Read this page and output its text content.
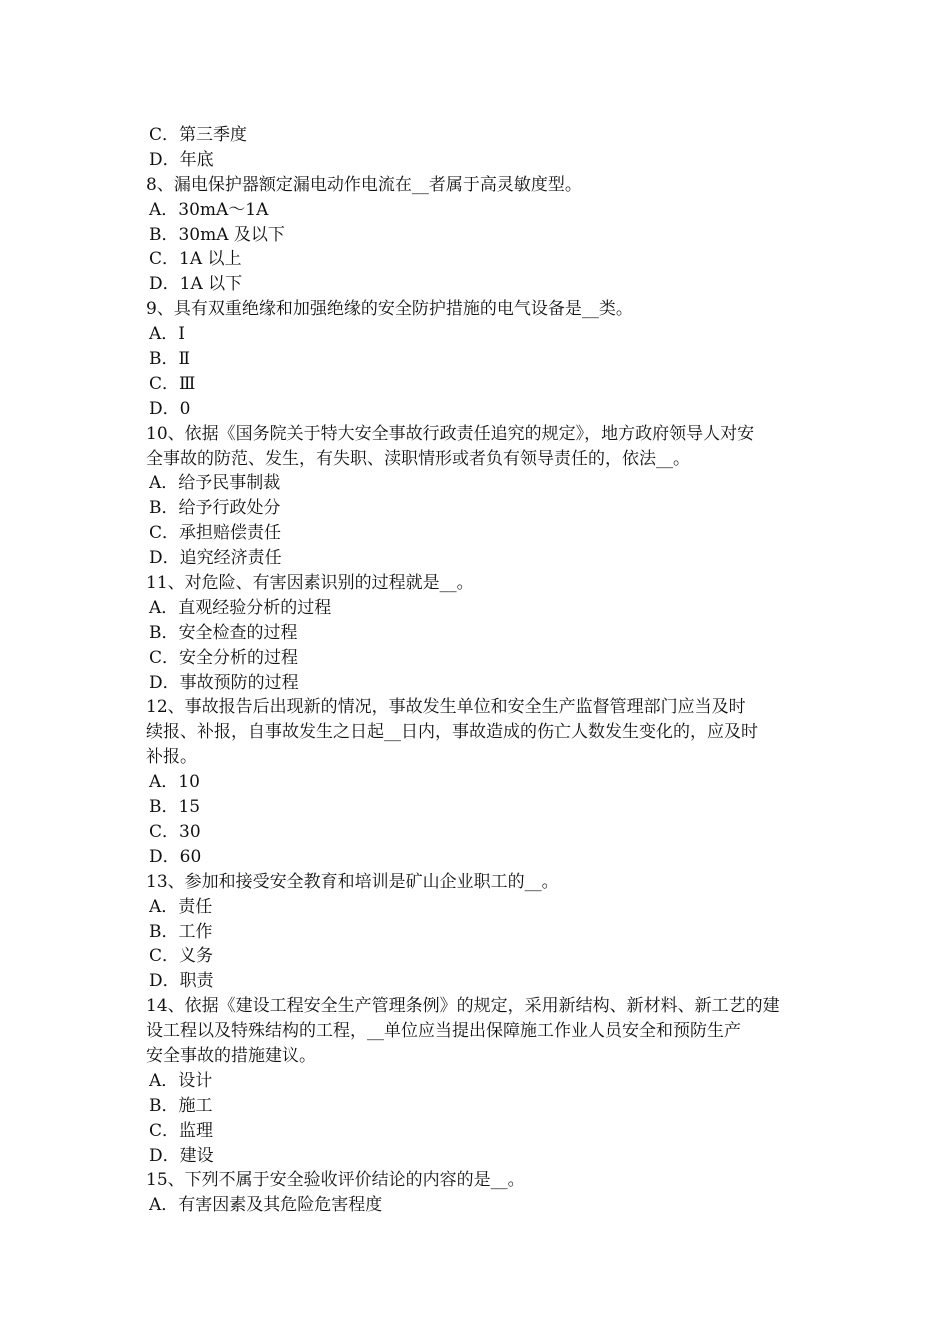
C．第三季度
D．年底
8、漏电保护器额定漏电动作电流在__者属于高灵敏度型。
A．30mA～1A
B．30mA 及以下
C．1A 以上
D．1A 以下
9、具有双重绝缘和加强绝缘的安全防护措施的电气设备是__类。
A．Ⅰ
B．Ⅱ
C．Ⅲ
D．0
10、依据《国务院关于特大安全事故行政责任追究的规定》，地方政府领导人对安
全事故的防范、发生，有失职、渎职情形或者负有领导责任的，依法__。
A．给予民事制裁
B．给予行政处分
C．承担赔偿责任
D．追究经济责任
11、对危险、有害因素识别的过程就是__。
A．直观经验分析的过程
B．安全检查的过程
C．安全分析的过程
D．事故预防的过程
12、事故报告后出现新的情况，事故发生单位和安全生产监督管理部门应当及时
续报、补报，自事故发生之日起__日内，事故造成的伤亡人数发生变化的，应及时
补报。
A．10
B．15
C．30
D．60
13、参加和接受安全教育和培训是矿山企业职工的__。
A．责任
B．工作
C．义务
D．职责
14、依据《建设工程安全生产管理条例》的规定，采用新结构、新材料、新工艺的建
设工程以及特殊结构的工程，__单位应当提出保障施工作业人员安全和预防生产
安全事故的措施建议。
A．设计
B．施工
C．监理
D．建设
15、下列不属于安全验收评价结论的内容的是__。
A．有害因素及其危险危害程度
